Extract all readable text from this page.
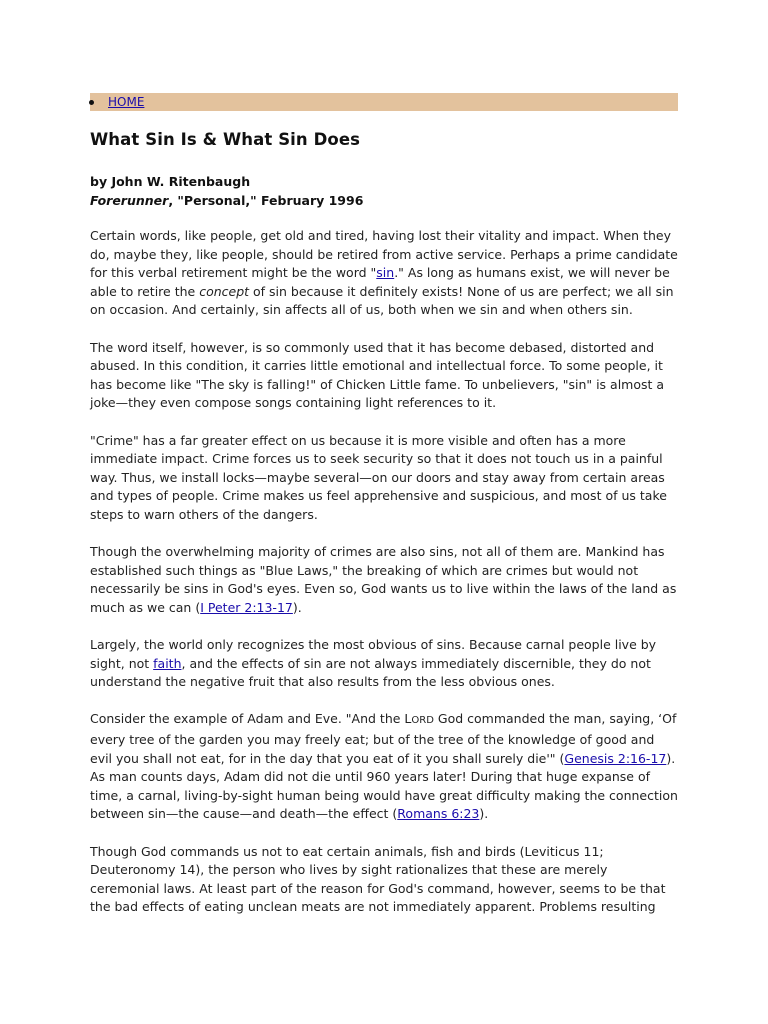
HOME
What Sin Is & What Sin Does
by John W. Ritenbaugh
Forerunner, "Personal," February 1996

Certain words, like people, get old and tired, having lost their vitality and impact. When they do, maybe they, like people, should be retired from active service. Perhaps a prime candidate for this verbal retirement might be the word "sin." As long as humans exist, we will never be able to retire the concept of sin because it definitely exists! None of us are perfect; we all sin on occasion. And certainly, sin affects all of us, both when we sin and when others sin.

The word itself, however, is so commonly used that it has become debased, distorted and abused. In this condition, it carries little emotional and intellectual force. To some people, it has become like "The sky is falling!" of Chicken Little fame. To unbelievers, "sin" is almost a joke—they even compose songs containing light references to it.

"Crime" has a far greater effect on us because it is more visible and often has a more immediate impact. Crime forces us to seek security so that it does not touch us in a painful way. Thus, we install locks—maybe several—on our doors and stay away from certain areas and types of people. Crime makes us feel apprehensive and suspicious, and most of us take steps to warn others of the dangers.

Though the overwhelming majority of crimes are also sins, not all of them are. Mankind has established such things as "Blue Laws," the breaking of which are crimes but would not necessarily be sins in God's eyes. Even so, God wants us to live within the laws of the land as much as we can (I Peter 2:13-17).

Largely, the world only recognizes the most obvious of sins. Because carnal people live by sight, not faith, and the effects of sin are not always immediately discernible, they do not understand the negative fruit that also results from the less obvious ones.

Consider the example of Adam and Eve. "And the LORD God commanded the man, saying, ‘Of every tree of the garden you may freely eat; but of the tree of the knowledge of good and evil you shall not eat, for in the day that you eat of it you shall surely die'" (Genesis 2:16-17). As man counts days, Adam did not die until 960 years later! During that huge expanse of time, a carnal, living-by-sight human being would have great difficulty making the connection between sin—the cause—and death—the effect (Romans 6:23).

Though God commands us not to eat certain animals, fish and birds (Leviticus 11; Deuteronomy 14), the person who lives by sight rationalizes that these are merely ceremonial laws. At least part of the reason for God's command, however, seems to be that the bad effects of eating unclean meats are not immediately apparent. Problems resulting
